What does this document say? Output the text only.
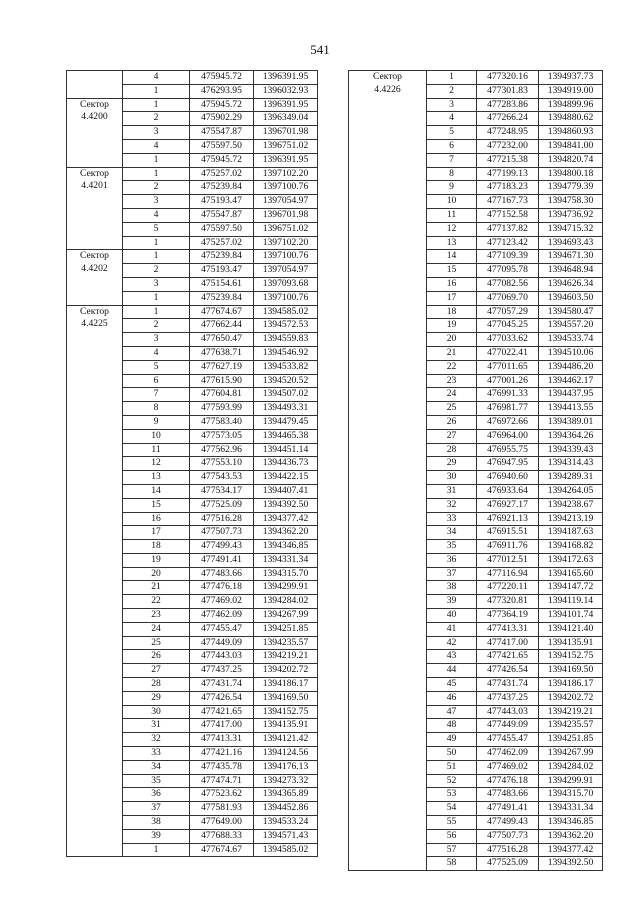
541
	4	475945.72	1396391.95
	1	476293.95	1396032.93

Сектор
4.4200	1	475945.72	1396391.95
	2	475902.29	1396349.04
	3	475547.87	1396701.98
	4	475597.50	1396751.02
	1	475945.72	1396391.95

Сектор
4.4201	1	475257.02	1397102.20
	2	475239.84	1397100.76
	3	475193.47	1397054.97
	4	475547.87	1396701.98
	5	475597.50	1396751.02
	1	475257.02	1397102.20

Сектор
4.4202	1	475239.84	1397100.76
	2	475193.47	1397054.97
	3	475154.61	1397093.68
	1	475239.84	1397100.76

Сектор
4.4225	1	477674.67	1394585.02
	2	477662.44	1394572.53
	3	477650.47	1394559.83
	4	477638.71	1394546.92
	5	477627.19	1394533.82
	6	477615.90	1394520.52
	7	477604.81	1394507.02
	8	477593.99	1394493.31
	9	477583.40	1394479.45
	10	477573.05	1394465.38
	11	477562.96	1394451.14
	12	477553.10	1394436.73
	13	477543.53	1394422.15
	14	477534.17	1394407.41
	15	477525.09	1394392.50
	16	477516.28	1394377.42
	17	477507.73	1394362.20
	18	477499.43	1394346.85
	19	477491.41	1394331.34
	20	477483.66	1394315.70
	21	477476.18	1394299.91
	22	477469.02	1394284.02
	23	477462.09	1394267.99
	24	477455.47	1394251.85
	25	477449.09	1394235.57
	26	477443.03	1394219.21
	27	477437.25	1394202.72
	28	477431.74	1394186.17
	29	477426.54	1394169.50
	30	477421.65	1394152.75
	31	477417.00	1394135.91
	32	477413.31	1394121.42
	33	477421.16	1394124.56
	34	477435.78	1394176.13
	35	477474.71	1394273.32
	36	477523.62	1394365.89
	37	477581.93	1394452.86
	38	477649.00	1394533.24
	39	477688.33	1394571.43
	1	477674.67	1394585.02
Сектор
4.4226	1	477320.16	1394937.73
	2	477301.83	1394919.00
	3	477283.86	1394899.96
	4	477266.24	1394880.62
	5	477248.95	1394860.93
	6	477232.00	1394841.00
	7	477215.38	1394820.74
	8	477199.13	1394800.18
	9	477183.23	1394779.39
	10	477167.73	1394758.30
	11	477152.58	1394736.92
	12	477137.82	1394715.32
	13	477123.42	1394693.43
	14	477109.39	1394671.30
	15	477095.78	1394648.94
	16	477082.56	1394626.34
	17	477069.70	1394603.50
	18	477057.29	1394580.47
	19	477045.25	1394557.20
	20	477033.62	1394533.74
	21	477022.41	1394510.06
	22	477011.65	1394486.20
	23	477001.26	1394462.17
	24	476991.33	1394437.95
	25	476981.77	1394413.55
	26	476972.66	1394389.01
	27	476964.00	1394364.26
	28	476955.75	1394339.43
	29	476947.95	1394314.43
	30	476940.60	1394289.31
	31	476933.64	1394264.05
	32	476927.17	1394238.67
	33	476921.13	1394213.19
	34	476915.51	1394187.63
	35	476911.76	1394168.82
	36	477012.51	1394172.63
	37	477116.94	1394165.60
	38	477220.11	1394147.72
	39	477320.81	1394119.14
	40	477364.19	1394101.74
	41	477413.31	1394121.40
	42	477417.00	1394135.91
	43	477421.65	1394152.75
	44	477426.54	1394169.50
	45	477431.74	1394186.17
	46	477437.25	1394202.72
	47	477443.03	1394219.21
	48	477449.09	1394235.57
	49	477455.47	1394251.85
	50	477462.09	1394267.99
	51	477469.02	1394284.02
	52	477476.18	1394299.91
	53	477483.66	1394315.70
	54	477491.41	1394331.34
	55	477499.43	1394346.85
	56	477507.73	1394362.20
	57	477516.28	1394377.42
	58	477525.09	1394392.50
